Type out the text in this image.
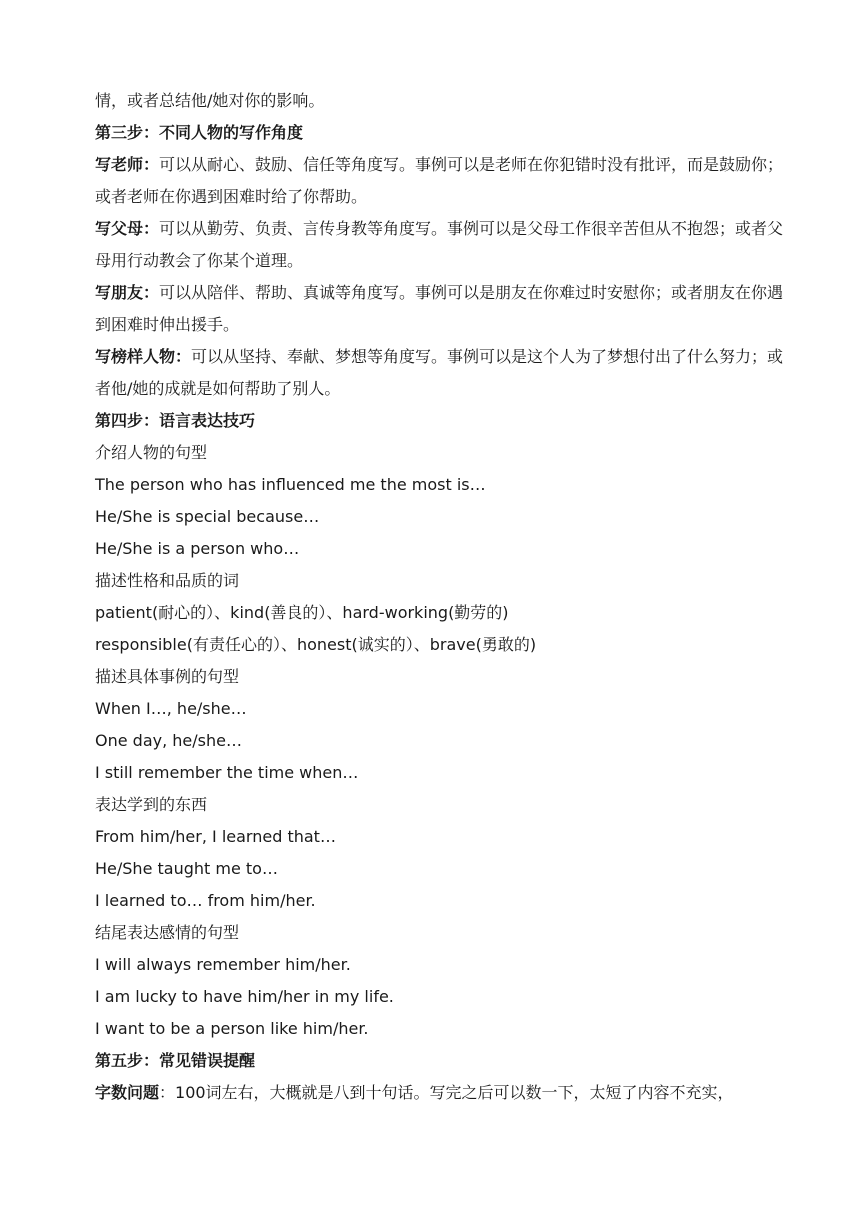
情，或者总结他/她对你的影响。
第三步：不同人物的写作角度
写老师：可以从耐心、鼓励、信任等角度写。事例可以是老师在你犯错时没有批评，而是鼓励你；或者老师在你遇到困难时给了你帮助。
写父母：可以从勤劳、负责、言传身教等角度写。事例可以是父母工作很辛苦但从不抱怨；或者父母用行动教会了你某个道理。
写朋友：可以从陪伴、帮助、真诚等角度写。事例可以是朋友在你难过时安慰你；或者朋友在你遇到困难时伸出援手。
写榜样人物：可以从坚持、奉献、梦想等角度写。事例可以是这个人为了梦想付出了什么努力；或者他/她的成就是如何帮助了别人。
第四步：语言表达技巧
介绍人物的句型
The person who has influenced me the most is…
He/She is special because…
He/She is a person who…
描述性格和品质的词
patient(耐心的）、kind(善良的）、hard-working(勤劳的)
responsible(有责任心的）、honest(诚实的）、brave(勇敢的)
描述具体事例的句型
When I…, he/she…
One day, he/she…
I still remember the time when…
表达学到的东西
From him/her, I learned that…
He/She taught me to…
I learned to… from him/her.
结尾表达感情的句型
I will always remember him/her.
I am lucky to have him/her in my life.
I want to be a person like him/her.
第五步：常见错误提醒
字数问题：100词左右，大概就是八到十句话。写完之后可以数一下，太短了内容不充实，
